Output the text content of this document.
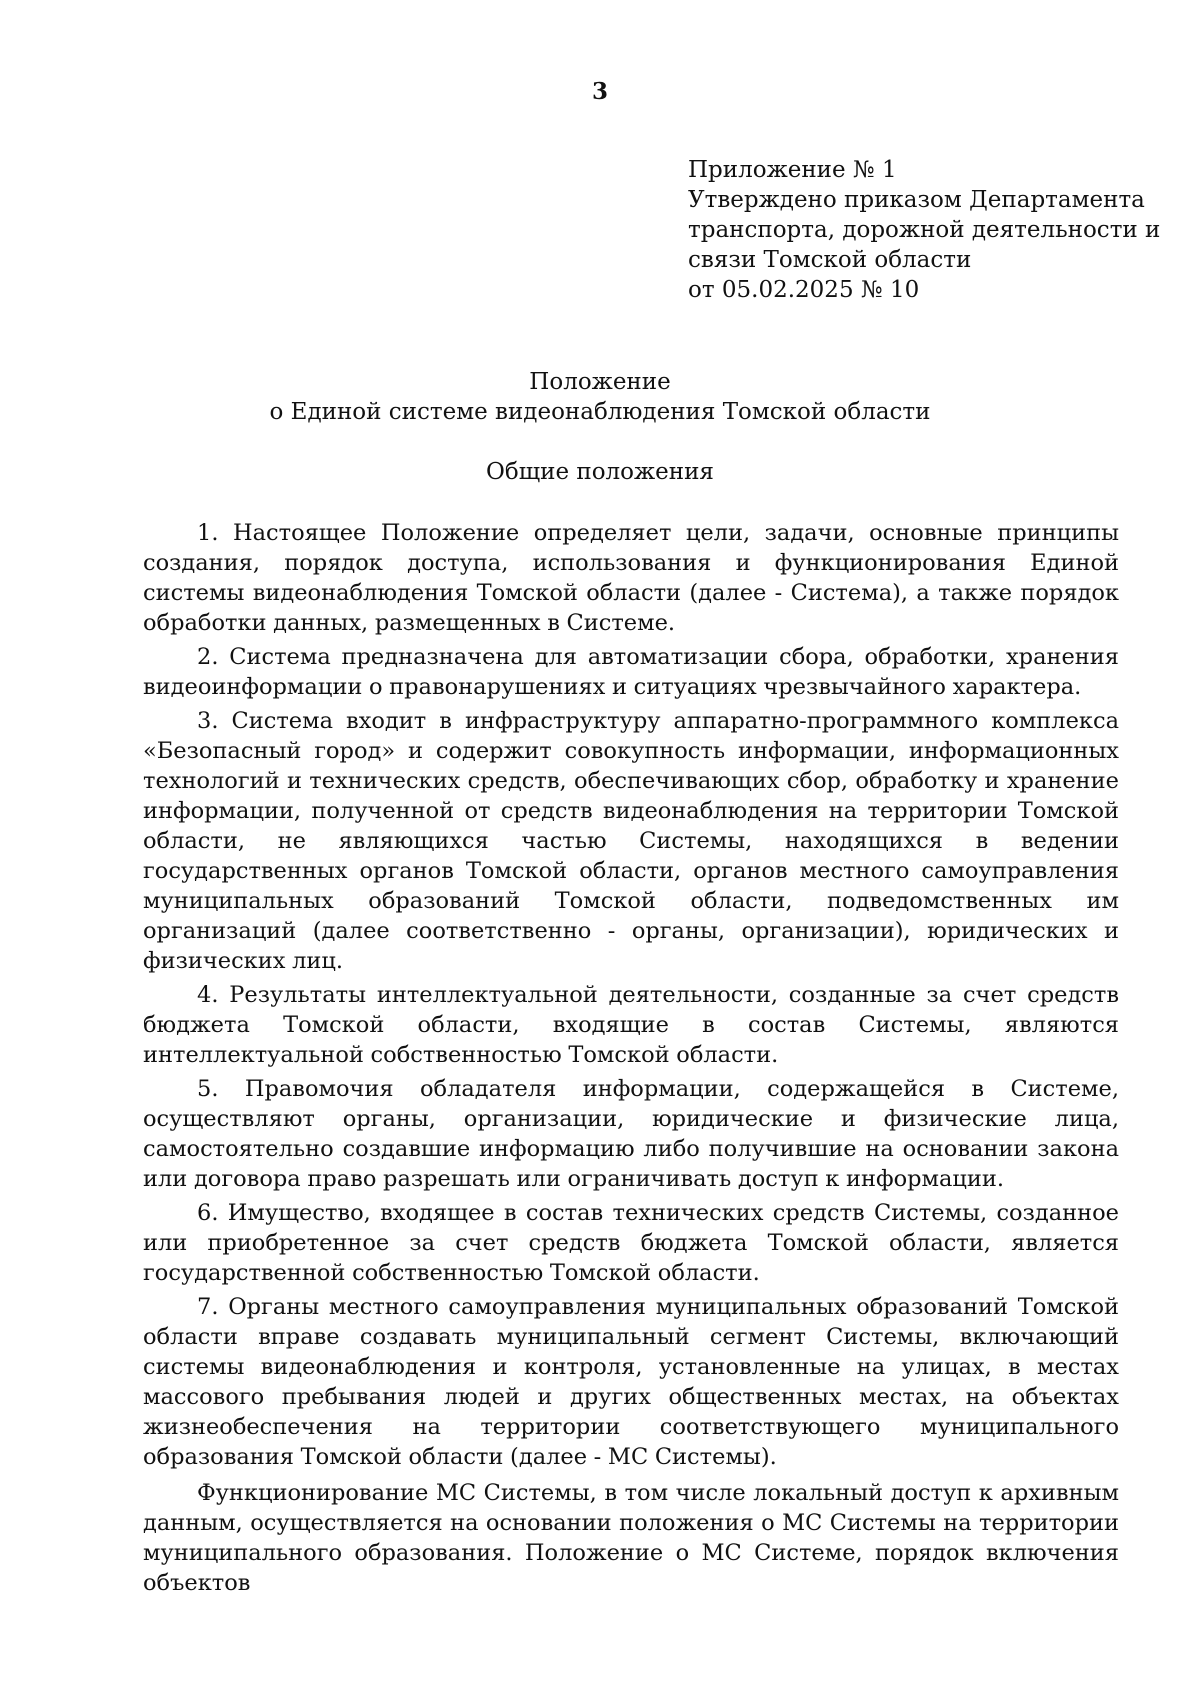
3
Приложение № 1
Утверждено приказом Департамента
транспорта, дорожной деятельности и
связи Томской области
от 05.02.2025 № 10
Положение
о Единой системе видеонаблюдения Томской области
Общие положения

1. Настоящее Положение определяет цели, задачи, основные принципы создания, порядок доступа, использования и функционирования Единой системы видеонаблюдения Томской области (далее - Система), а также порядок обработки данных, размещенных в Системе.

2. Система предназначена для автоматизации сбора, обработки, хранения видеоинформации о правонарушениях и ситуациях чрезвычайного характера.

3. Система входит в инфраструктуру аппаратно-программного комплекса «Безопасный город» и содержит совокупность информации, информационных технологий и технических средств, обеспечивающих сбор, обработку и хранение информации, полученной от средств видеонаблюдения на территории Томской области, не являющихся частью Системы, находящихся в ведении государственных органов Томской области, органов местного самоуправления муниципальных образований Томской области, подведомственных им организаций (далее соответственно - органы, организации), юридических и физических лиц.

4. Результаты интеллектуальной деятельности, созданные за счет средств бюджета Томской области, входящие в состав Системы, являются интеллектуальной собственностью Томской области.

5. Правомочия обладателя информации, содержащейся в Системе, осуществляют органы, организации, юридические и физические лица, самостоятельно создавшие информацию либо получившие на основании закона или договора право разрешать или ограничивать доступ к информации.

6. Имущество, входящее в состав технических средств Системы, созданное или приобретенное за счет средств бюджета Томской области, является государственной собственностью Томской области.

7. Органы местного самоуправления муниципальных образований Томской области вправе создавать муниципальный сегмент Системы, включающий системы видеонаблюдения и контроля, установленные на улицах, в местах массового пребывания людей и других общественных местах, на объектах жизнеобеспечения на территории соответствующего муниципального образования Томской области (далее - МС Системы).

Функционирование МС Системы, в том числе локальный доступ к архивным данным, осуществляется на основании положения о МС Системы на территории муниципального образования. Положение о МС Системе, порядок включения объектов
